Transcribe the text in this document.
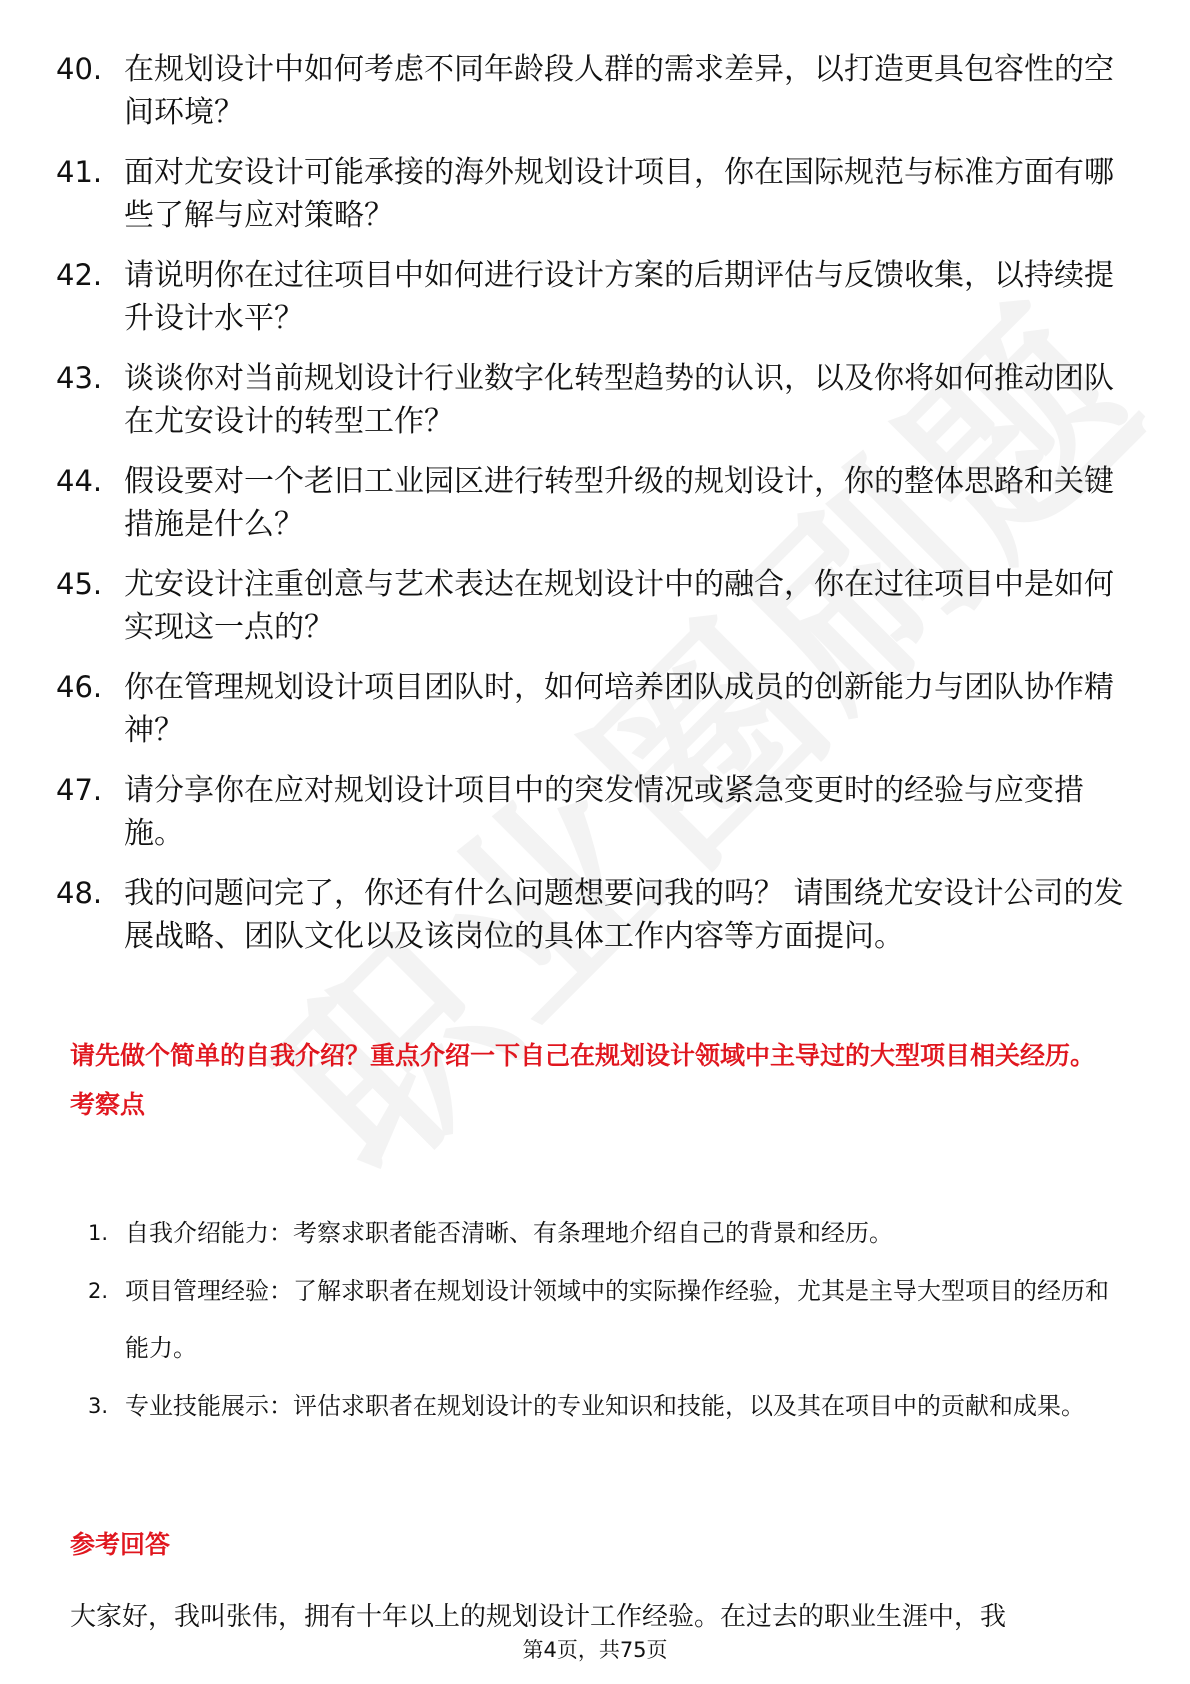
40. 在规划设计中如何考虑不同年龄段人群的需求差异，以打造更具包容性的空间环境？
41. 面对尤安设计可能承接的海外规划设计项目，你在国际规范与标准方面有哪些了解与应对策略？
42. 请说明你在过往项目中如何进行设计方案的后期评估与反馈收集，以持续提升设计水平？
43. 谈谈你对当前规划设计行业数字化转型趋势的认识，以及你将如何推动团队在尤安设计的转型工作？
44. 假设要对一个老旧工业园区进行转型升级的规划设计，你的整体思路和关键措施是什么？
45. 尤安设计注重创意与艺术表达在规划设计中的融合，你在过往项目中是如何实现这一点的？
46. 你在管理规划设计项目团队时，如何培养团队成员的创新能力与团队协作精神？
47. 请分享你在应对规划设计项目中的突发情况或紧急变更时的经验与应变措施。
48. 我的问题问完了，你还有什么问题想要问我的吗？ 请围绕尤安设计公司的发展战略、团队文化以及该岗位的具体工作内容等方面提问。
请先做个简单的自我介绍？重点介绍一下自己在规划设计领域中主导过的大型项目相关经历。
考察点
1. 自我介绍能力：考察求职者能否清晰、有条理地介绍自己的背景和经历。
2. 项目管理经验：了解求职者在规划设计领域中的实际操作经验，尤其是主导大型项目的经历和能力。
3. 专业技能展示：评估求职者在规划设计的专业知识和技能，以及其在项目中的贡献和成果。
参考回答
大家好，我叫张伟，拥有十年以上的规划设计工作经验。在过去的职业生涯中，我
第4页，共75页
